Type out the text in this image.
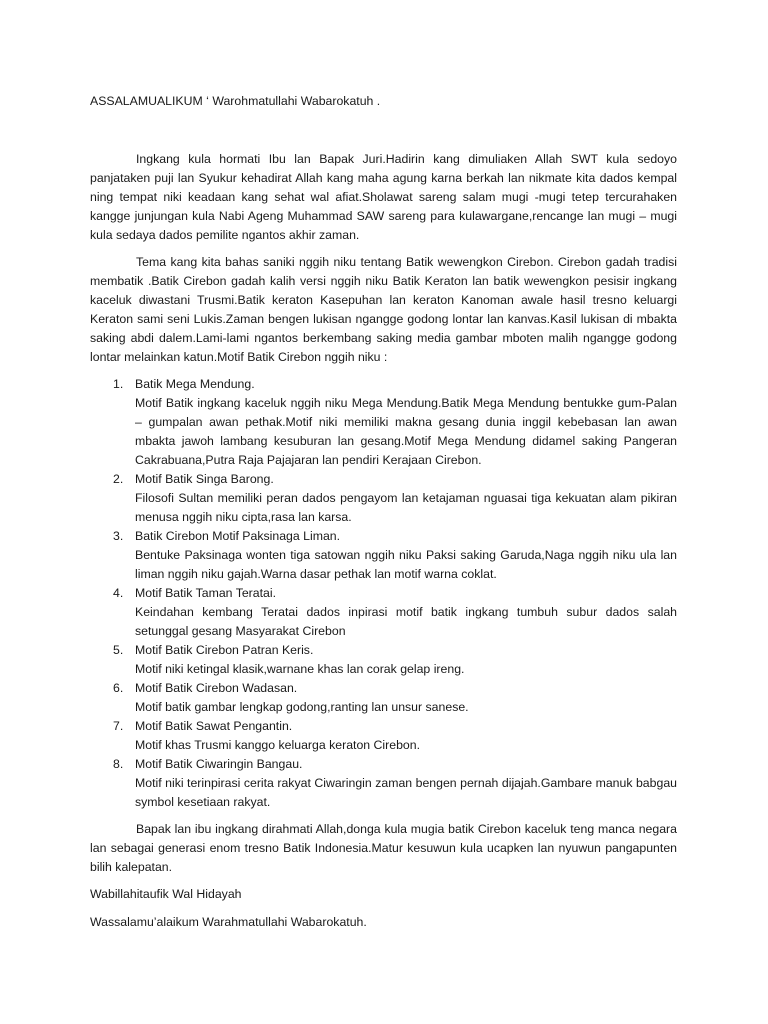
ASSALAMUALIKUM ‘ Warohmatullahi Wabarokatuh .

Ingkang kula hormati Ibu lan Bapak Juri.Hadirin kang dimuliaken Allah SWT kula sedoyo panjataken puji lan Syukur kehadirat Allah kang maha agung karna berkah lan nikmate kita dados kempal ning tempat niki keadaan kang sehat wal afiat.Sholawat sareng salam mugi -mugi tetep tercurahaken kangge junjungan kula Nabi Ageng Muhammad SAW sareng para kulawargane,rencange lan mugi – mugi kula sedaya dados pemilite ngantos akhir zaman.

Tema kang kita bahas saniki nggih niku tentang Batik wewengkon Cirebon. Cirebon gadah tradisi membatik .Batik Cirebon gadah kalih versi nggih niku Batik Keraton lan batik wewengkon pesisir ingkang kaceluk diwastani Trusmi.Batik keraton Kasepuhan lan keraton Kanoman awale hasil tresno keluargi Keraton sami seni Lukis.Zaman bengen lukisan ngangge godong lontar lan kanvas.Kasil lukisan di mbakta saking abdi dalem.Lami-lami ngantos berkembang saking media gambar mboten malih ngangge godong lontar melainkan katun.Motif Batik Cirebon nggih niku :

1. Batik Mega Mendung.
Motif Batik ingkang kaceluk nggih niku Mega Mendung.Batik Mega Mendung bentukke gum-Palan – gumpalan awan pethak.Motif niki memiliki makna gesang dunia inggil kebebasan lan awan mbakta jawoh lambang kesuburan lan gesang.Motif Mega Mendung didamel saking Pangeran Cakrabuana,Putra Raja Pajajaran lan pendiri Kerajaan Cirebon.
2. Motif Batik Singa Barong.
Filosofi Sultan memiliki peran dados pengayom lan ketajaman nguasai tiga kekuatan alam pikiran menusa nggih niku cipta,rasa lan karsa.
3. Batik Cirebon Motif Paksinaga Liman.
Bentuke Paksinaga wonten tiga satowan nggih niku Paksi saking Garuda,Naga nggih niku ula lan liman nggih niku gajah.Warna dasar pethak lan motif warna coklat.
4. Motif Batik Taman Teratai.
Keindahan kembang Teratai dados inpirasi motif batik ingkang tumbuh subur dados salah setunggal gesang Masyarakat Cirebon
5. Motif Batik Cirebon Patran Keris.
Motif niki ketingal klasik,warnane khas lan corak gelap ireng.
6. Motif Batik Cirebon Wadasan.
Motif batik gambar lengkap godong,ranting lan unsur sanese.
7. Motif Batik Sawat Pengantin.
Motif khas Trusmi kanggo keluarga keraton Cirebon.
8. Motif Batik Ciwaringin Bangau.
Motif niki terinpirasi cerita rakyat Ciwaringin zaman bengen pernah dijajah.Gambare manuk babgau symbol kesetiaan rakyat.

Bapak lan ibu ingkang dirahmati Allah,donga kula mugia batik Cirebon kaceluk teng manca negara lan sebagai generasi enom tresno Batik Indonesia.Matur kesuwun kula ucapken lan nyuwun pangapunten bilih kalepatan.

Wabillahitaufik Wal Hidayah

Wassalamu’alaikum Warahmatullahi Wabarokatuh.
